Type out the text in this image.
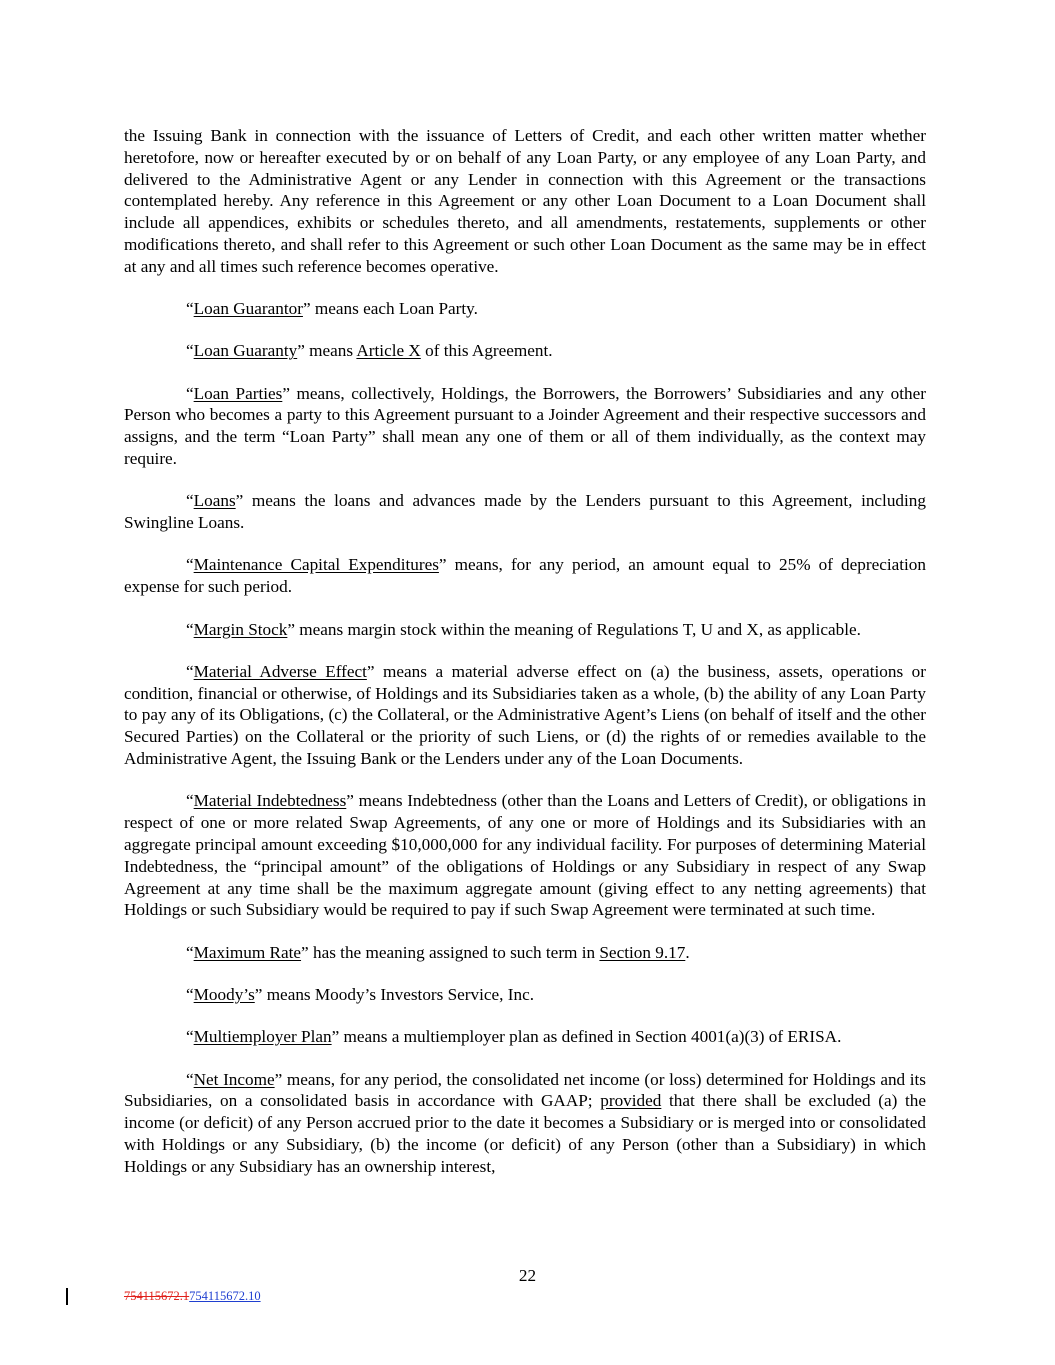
the Issuing Bank in connection with the issuance of Letters of Credit, and each other written matter whether heretofore, now or hereafter executed by or on behalf of any Loan Party, or any employee of any Loan Party, and delivered to the Administrative Agent or any Lender in connection with this Agreement or the transactions contemplated hereby. Any reference in this Agreement or any other Loan Document to a Loan Document shall include all appendices, exhibits or schedules thereto, and all amendments, restatements, supplements or other modifications thereto, and shall refer to this Agreement or such other Loan Document as the same may be in effect at any and all times such reference becomes operative.

“Loan Guarantor” means each Loan Party.

“Loan Guaranty” means Article X of this Agreement.

“Loan Parties” means, collectively, Holdings, the Borrowers, the Borrowers’ Subsidiaries and any other Person who becomes a party to this Agreement pursuant to a Joinder Agreement and their respective successors and assigns, and the term “Loan Party” shall mean any one of them or all of them individually, as the context may require.

“Loans” means the loans and advances made by the Lenders pursuant to this Agreement, including Swingline Loans.

“Maintenance Capital Expenditures” means, for any period, an amount equal to 25% of depreciation expense for such period.

“Margin Stock” means margin stock within the meaning of Regulations T, U and X, as applicable.

“Material Adverse Effect” means a material adverse effect on (a) the business, assets, operations or condition, financial or otherwise, of Holdings and its Subsidiaries taken as a whole, (b) the ability of any Loan Party to pay any of its Obligations, (c) the Collateral, or the Administrative Agent’s Liens (on behalf of itself and the other Secured Parties) on the Collateral or the priority of such Liens, or (d) the rights of or remedies available to the Administrative Agent, the Issuing Bank or the Lenders under any of the Loan Documents.

“Material Indebtedness” means Indebtedness (other than the Loans and Letters of Credit), or obligations in respect of one or more related Swap Agreements, of any one or more of Holdings and its Subsidiaries with an aggregate principal amount exceeding $10,000,000 for any individual facility. For purposes of determining Material Indebtedness, the “principal amount” of the obligations of Holdings or any Subsidiary in respect of any Swap Agreement at any time shall be the maximum aggregate amount (giving effect to any netting agreements) that Holdings or such Subsidiary would be required to pay if such Swap Agreement were terminated at such time.

“Maximum Rate” has the meaning assigned to such term in Section 9.17.

“Moody’s” means Moody’s Investors Service, Inc.

“Multiemployer Plan” means a multiemployer plan as defined in Section 4001(a)(3) of ERISA.

“Net Income” means, for any period, the consolidated net income (or loss) determined for Holdings and its Subsidiaries, on a consolidated basis in accordance with GAAP; provided that there shall be excluded (a) the income (or deficit) of any Person accrued prior to the date it becomes a Subsidiary or is merged into or consolidated with Holdings or any Subsidiary, (b) the income (or deficit) of any Person (other than a Subsidiary) in which Holdings or any Subsidiary has an ownership interest,

22
754115672.1754115672.10
